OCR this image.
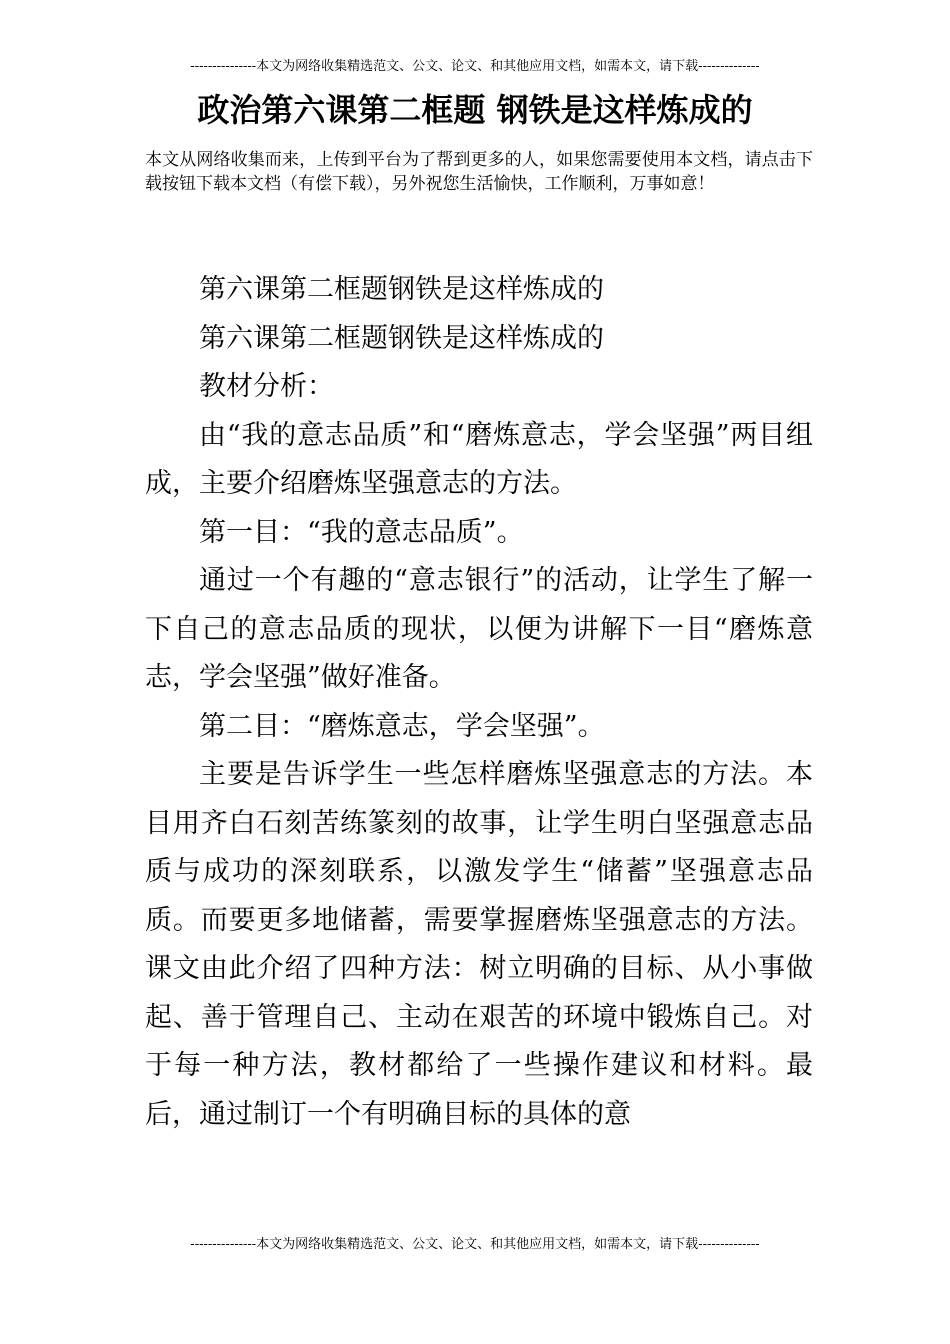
---------------本文为网络收集精选范文、公文、论文、和其他应用文档，如需本文，请下载--------------
政治第六课第二框题 钢铁是这样炼成的
本文从网络收集而来，上传到平台为了帮到更多的人，如果您需要使用本文档，请点击下载按钮下载本文档（有偿下载），另外祝您生活愉快，工作顺利，万事如意！

第六课第二框题钢铁是这样炼成的

第六课第二框题钢铁是这样炼成的

教材分析：

由“我的意志品质”和“磨炼意志，学会坚强”两目组成，主要介绍磨炼坚强意志的方法。

第一目：“我的意志品质”。

通过一个有趣的“意志银行”的活动，让学生了解一下自己的意志品质的现状，以便为讲解下一目“磨炼意志，学会坚强”做好准备。

第二目：“磨炼意志，学会坚强”。

主要是告诉学生一些怎样磨炼坚强意志的方法。本目用齐白石刻苦练篆刻的故事，让学生明白坚强意志品质与成功的深刻联系，以激发学生“储蓄”坚强意志品质。而要更多地储蓄，需要掌握磨炼坚强意志的方法。课文由此介绍了四种方法：树立明确的目标、从小事做起、善于管理自己、主动在艰苦的环境中锻炼自己。对于每一种方法，教材都给了一些操作建议和材料。最后，通过制订一个有明确目标的具体的意

---------------本文为网络收集精选范文、公文、论文、和其他应用文档，如需本文，请下载--------------
